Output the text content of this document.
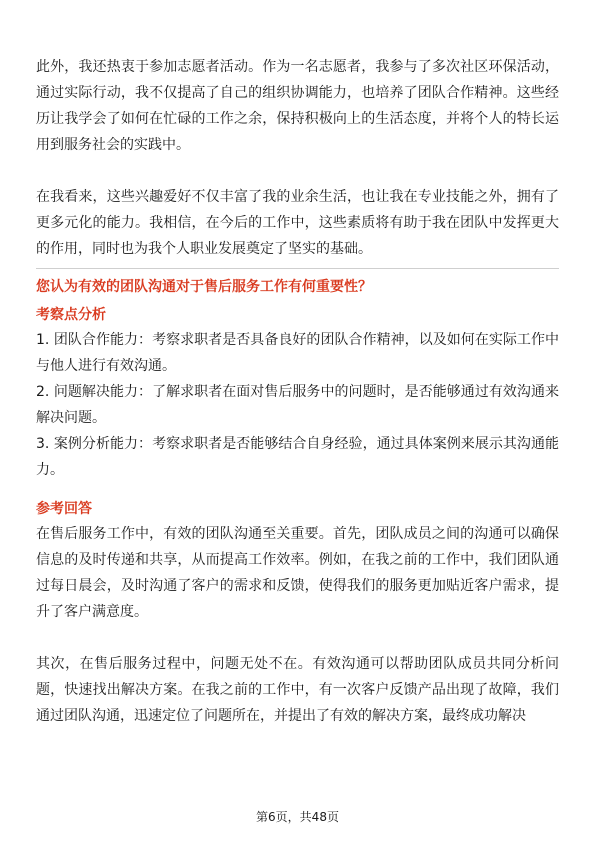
此外，我还热衷于参加志愿者活动。作为一名志愿者，我参与了多次社区环保活动，通过实际行动，我不仅提高了自己的组织协调能力，也培养了团队合作精神。这些经历让我学会了如何在忙碌的工作之余，保持积极向上的生活态度，并将个人的特长运用到服务社会的实践中。

在我看来，这些兴趣爱好不仅丰富了我的业余生活，也让我在专业技能之外，拥有了更多元化的能力。我相信，在今后的工作中，这些素质将有助于我在团队中发挥更大的作用，同时也为我个人职业发展奠定了坚实的基础。

您认为有效的团队沟通对于售后服务工作有何重要性？

考察点分析

1. 团队合作能力：考察求职者是否具备良好的团队合作精神，以及如何在实际工作中与他人进行有效沟通。

2. 问题解决能力：了解求职者在面对售后服务中的问题时，是否能够通过有效沟通来解决问题。

3. 案例分析能力：考察求职者是否能够结合自身经验，通过具体案例来展示其沟通能力。

参考回答

在售后服务工作中，有效的团队沟通至关重要。首先，团队成员之间的沟通可以确保信息的及时传递和共享，从而提高工作效率。例如，在我之前的工作中，我们团队通过每日晨会，及时沟通了客户的需求和反馈，使得我们的服务更加贴近客户需求，提升了客户满意度。

其次，在售后服务过程中，问题无处不在。有效沟通可以帮助团队成员共同分析问题，快速找出解决方案。在我之前的工作中，有一次客户反馈产品出现了故障，我们通过团队沟通，迅速定位了问题所在，并提出了有效的解决方案，最终成功解决

第6页，共48页
